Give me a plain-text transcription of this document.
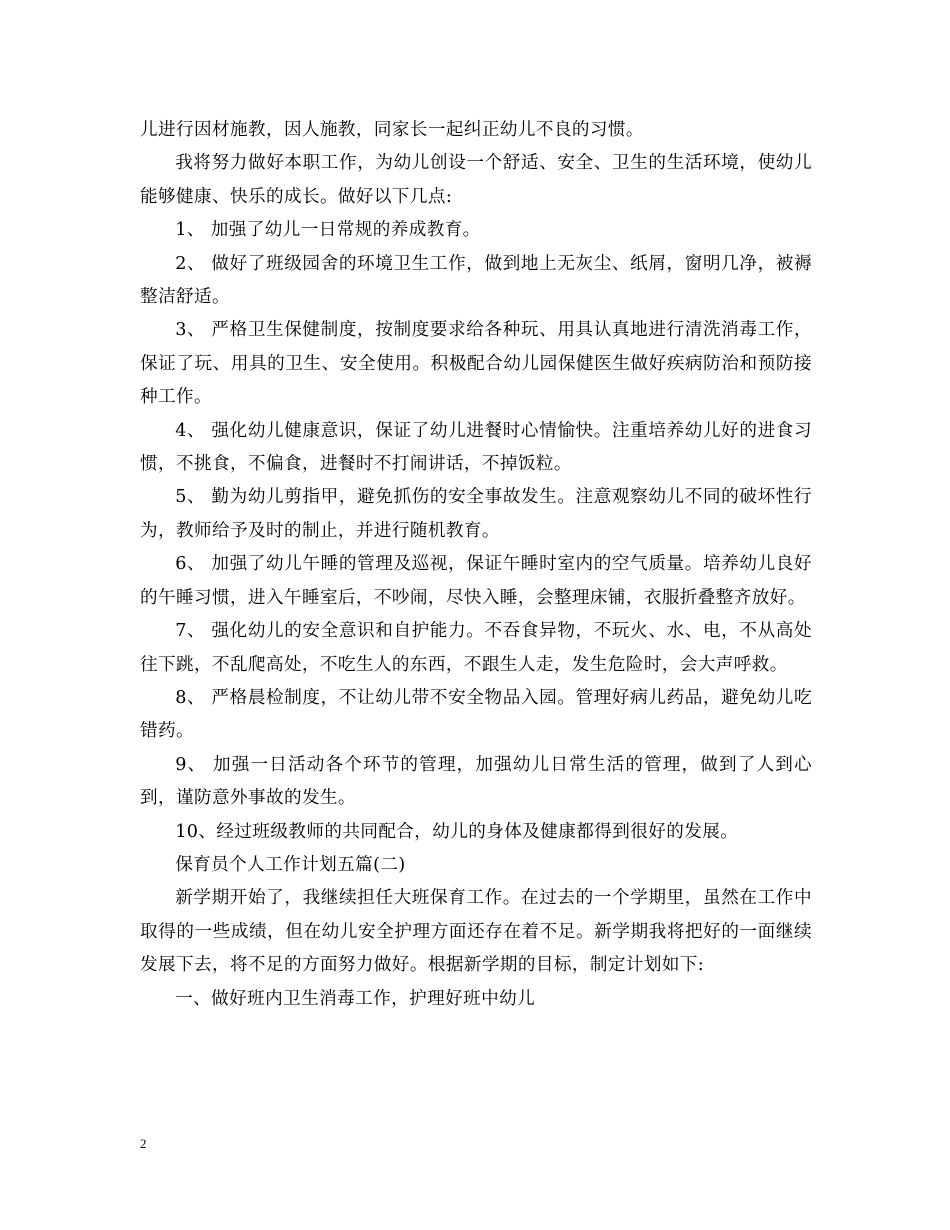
儿进行因材施教，因人施教，同家长一起纠正幼儿不良的习惯。

我将努力做好本职工作，为幼儿创设一个舒适、安全、卫生的生活环境，使幼儿能够健康、快乐的成长。做好以下几点:

1、 加强了幼儿一日常规的养成教育。

2、 做好了班级园舍的环境卫生工作，做到地上无灰尘、纸屑，窗明几净，被褥整洁舒适。

3、 严格卫生保健制度，按制度要求给各种玩、用具认真地进行清洗消毒工作，保证了玩、用具的卫生、安全使用。积极配合幼儿园保健医生做好疾病防治和预防接种工作。

4、 强化幼儿健康意识，保证了幼儿进餐时心情愉快。注重培养幼儿好的进食习惯，不挑食，不偏食，进餐时不打闹讲话，不掉饭粒。

5、 勤为幼儿剪指甲，避免抓伤的安全事故发生。注意观察幼儿不同的破坏性行为，教师给予及时的制止，并进行随机教育。

6、 加强了幼儿午睡的管理及巡视，保证午睡时室内的空气质量。培养幼儿良好的午睡习惯，进入午睡室后，不吵闹，尽快入睡，会整理床铺，衣服折叠整齐放好。

7、 强化幼儿的安全意识和自护能力。不吞食异物，不玩火、水、电，不从高处往下跳，不乱爬高处，不吃生人的东西，不跟生人走，发生危险时，会大声呼救。

8、 严格晨检制度，不让幼儿带不安全物品入园。管理好病儿药品，避免幼儿吃错药。

9、 加强一日活动各个环节的管理，加强幼儿日常生活的管理，做到了人到心到，谨防意外事故的发生。

10、经过班级教师的共同配合，幼儿的身体及健康都得到很好的发展。

保育员个人工作计划五篇(二)

新学期开始了，我继续担任大班保育工作。在过去的一个学期里，虽然在工作中取得的一些成绩，但在幼儿安全护理方面还存在着不足。新学期我将把好的一面继续发展下去，将不足的方面努力做好。根据新学期的目标，制定计划如下:

一、做好班内卫生消毒工作，护理好班中幼儿

2
